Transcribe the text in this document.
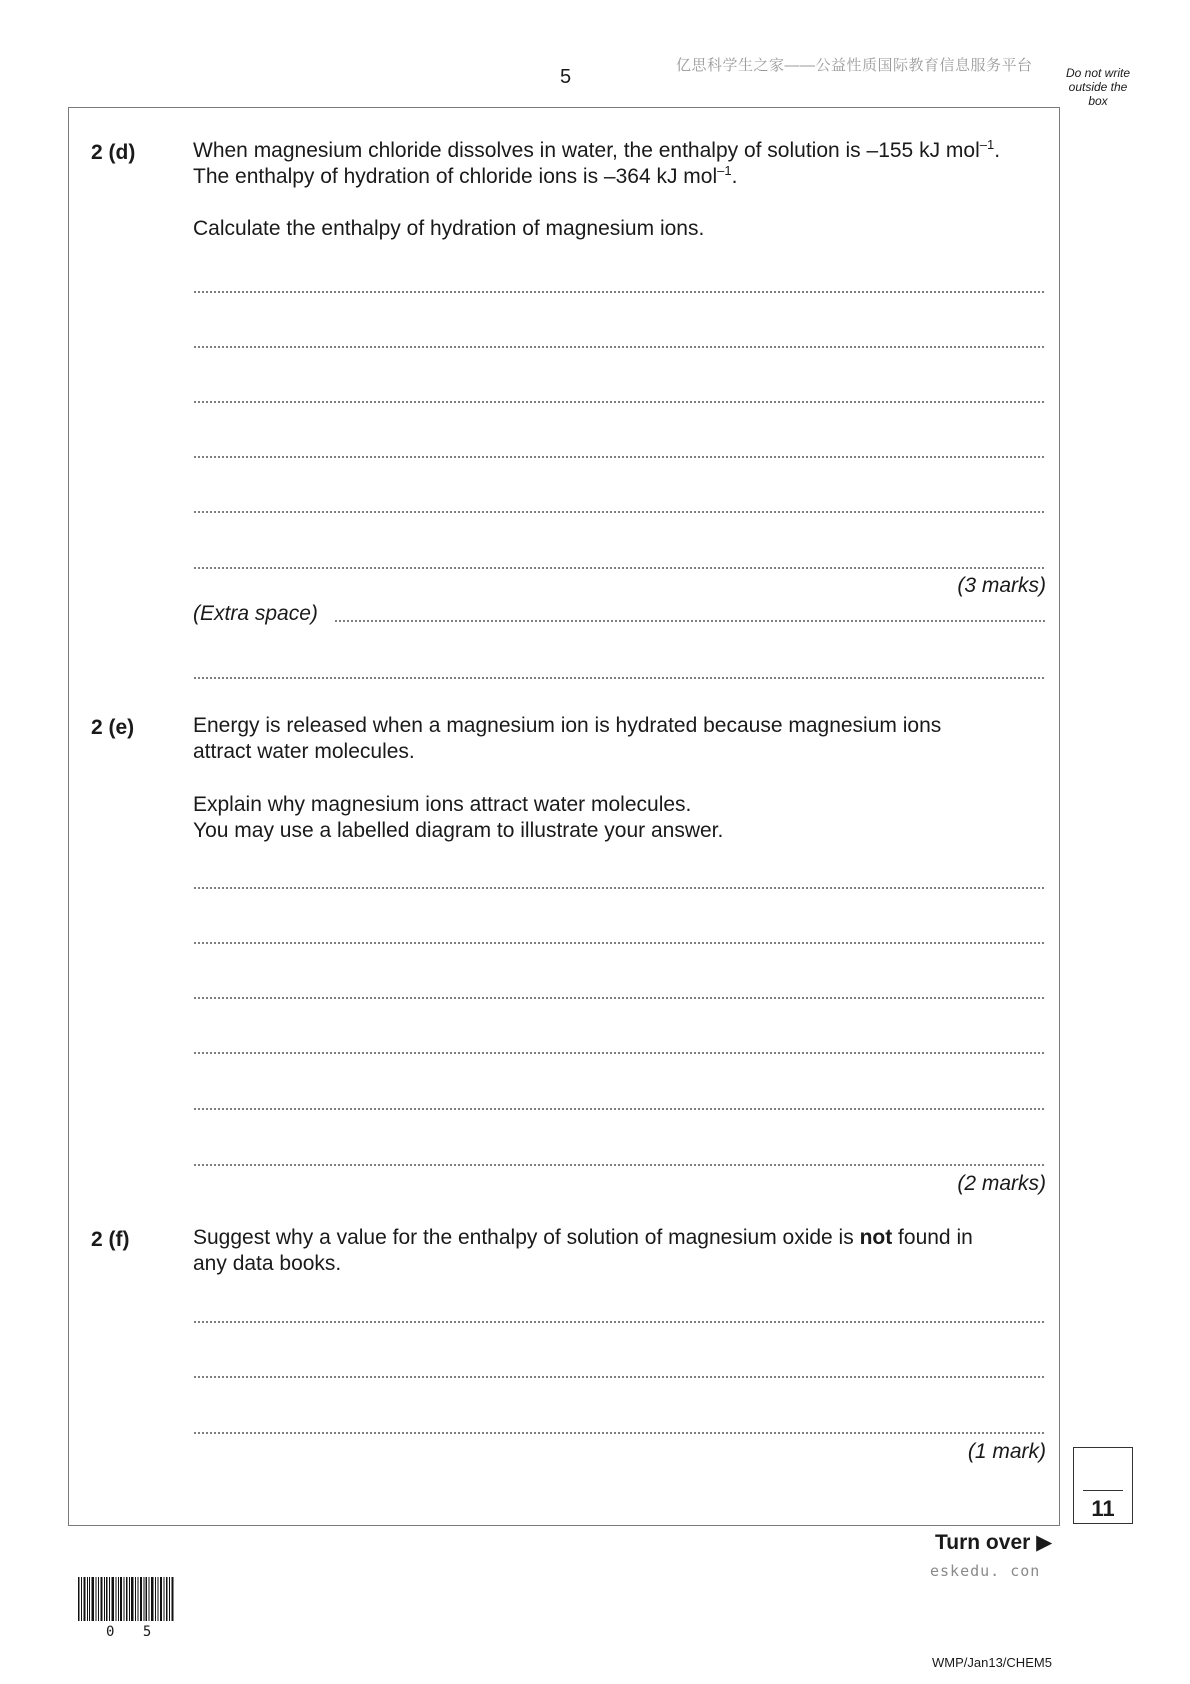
5
亿思科学生之家——公益性质国际教育信息服务平台	Do not write outside the box
2 (d)	When magnesium chloride dissolves in water, the enthalpy of solution is –155 kJ mol$^{-1}$.
The enthalpy of hydration of chloride ions is –364 kJ mol$^{-1}$.
Calculate the enthalpy of hydration of magnesium ions.
(3 marks)
(Extra space)
2 (e)	Energy is released when a magnesium ion is hydrated because magnesium ions
attract water molecules.
Explain why magnesium ions attract water molecules.
You may use a labelled diagram to illustrate your answer.
(2 marks)
2 (f)	Suggest why a value for the enthalpy of solution of magnesium oxide is not found in
any data books.
(1 mark)
11
Turn over ▶
eskedu. con
0 5
WMP/Jan13/CHEM5
